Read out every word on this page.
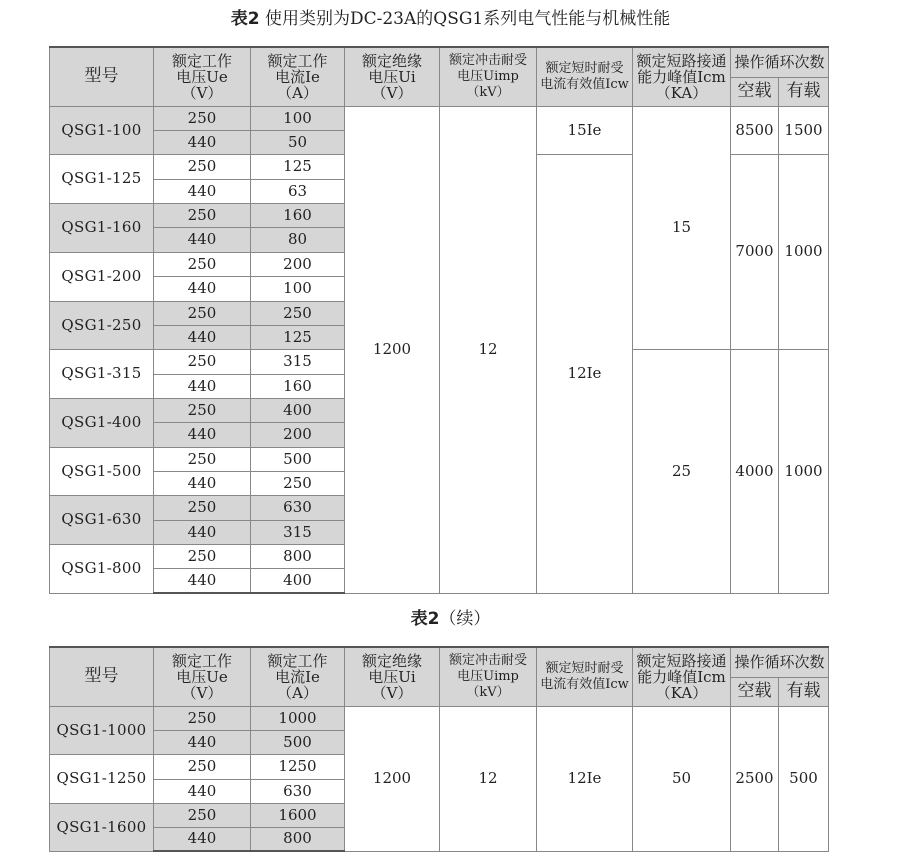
表2 使用类别为DC-23A的QSG1系列电气性能与机械性能
型号	额定工作
电压Ue
（V）	额定工作
电流Ie
（A）	额定绝缘
电压Ui
（V）	额定冲击耐受
电压Uimp
（kV）	额定短时耐受
电流有效值Icw	额定短路接通
能力峰值Icm
（KA）	操作循环次数	
							空载	有载
QSG1-100	250	100	1200	12	15Ie	15	8500	1500
	440	50						
QSG1-125	250	125			12Ie		7000	1000
	440	63						
QSG1-160	250	160						
	440	80						
QSG1-200	250	200						
	440	100						
QSG1-250	250	250						
	440	125						
QSG1-315	250	315				25	4000	1000
	440	160						
QSG1-400	250	400						
	440	200						
QSG1-500	250	500						
	440	250						
QSG1-630	250	630						
	440	315						
QSG1-800	250	800						
	440	400						
表2（续）
型号	额定工作
电压Ue
（V）	额定工作
电流Ie
（A）	额定绝缘
电压Ui
（V）	额定冲击耐受
电压Uimp
（kV）	额定短时耐受
电流有效值Icw	额定短路接通
能力峰值Icm
（KA）	操作循环次数	
							空载	有载
QSG1-1000	250	1000	1200	12	12Ie	50	2500	500
	440	500						
QSG1-1250	250	1250						
	440	630						
QSG1-1600	250	1600						
	440	800						
